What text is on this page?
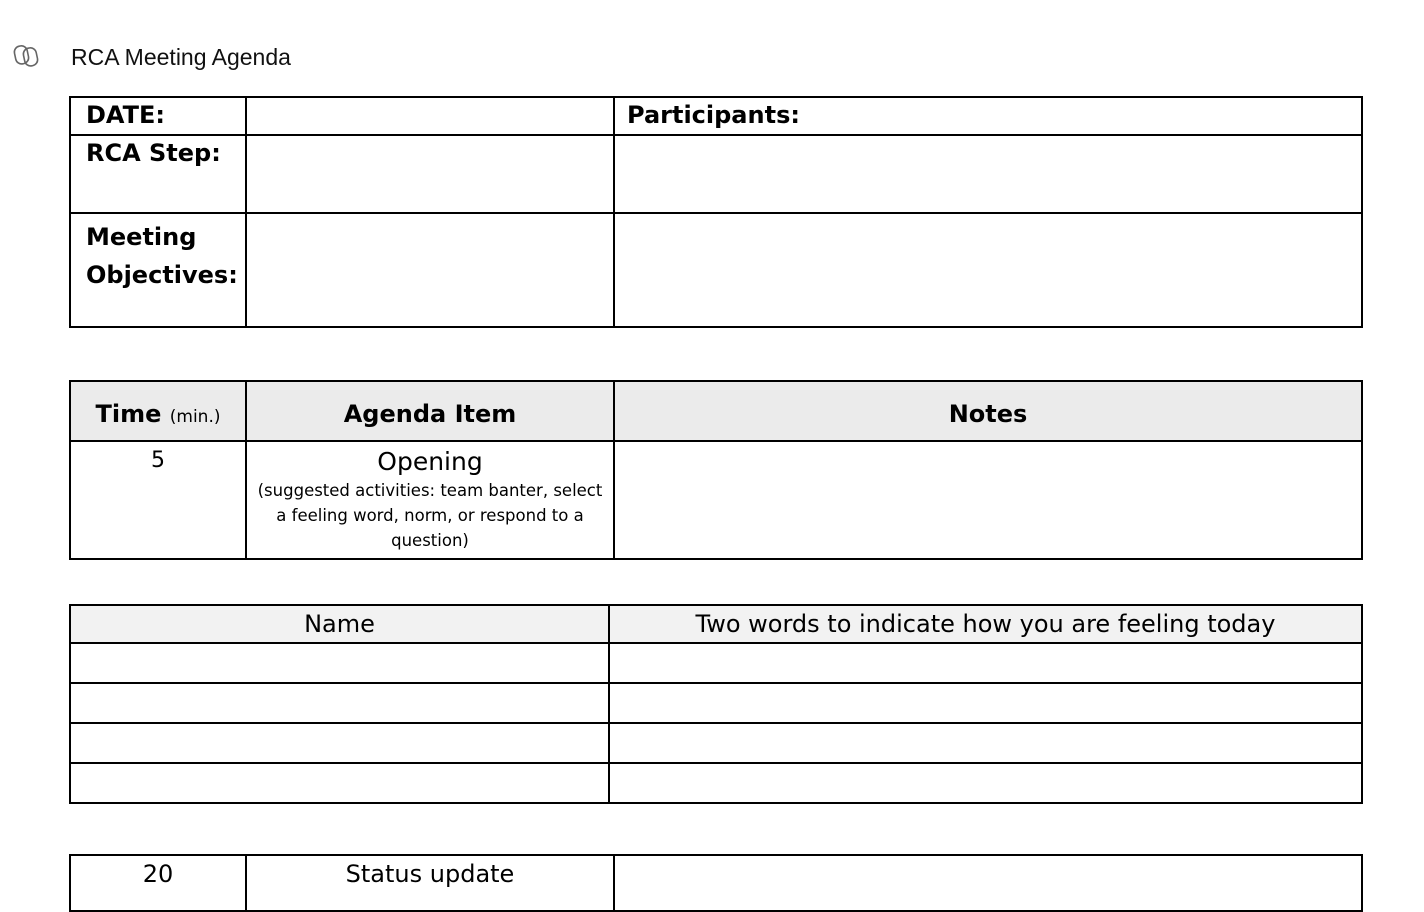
RCA Meeting Agenda
DATE:		Participants:
RCA Step:		

Meeting
Objectives:		

Time (min.)	Agenda Item	Notes
5	Opening
(suggested activities: team banter, select a feeling word, norm, or respond to a question)	

Name	Two words to indicate how you are feeling today

20	Status update	
